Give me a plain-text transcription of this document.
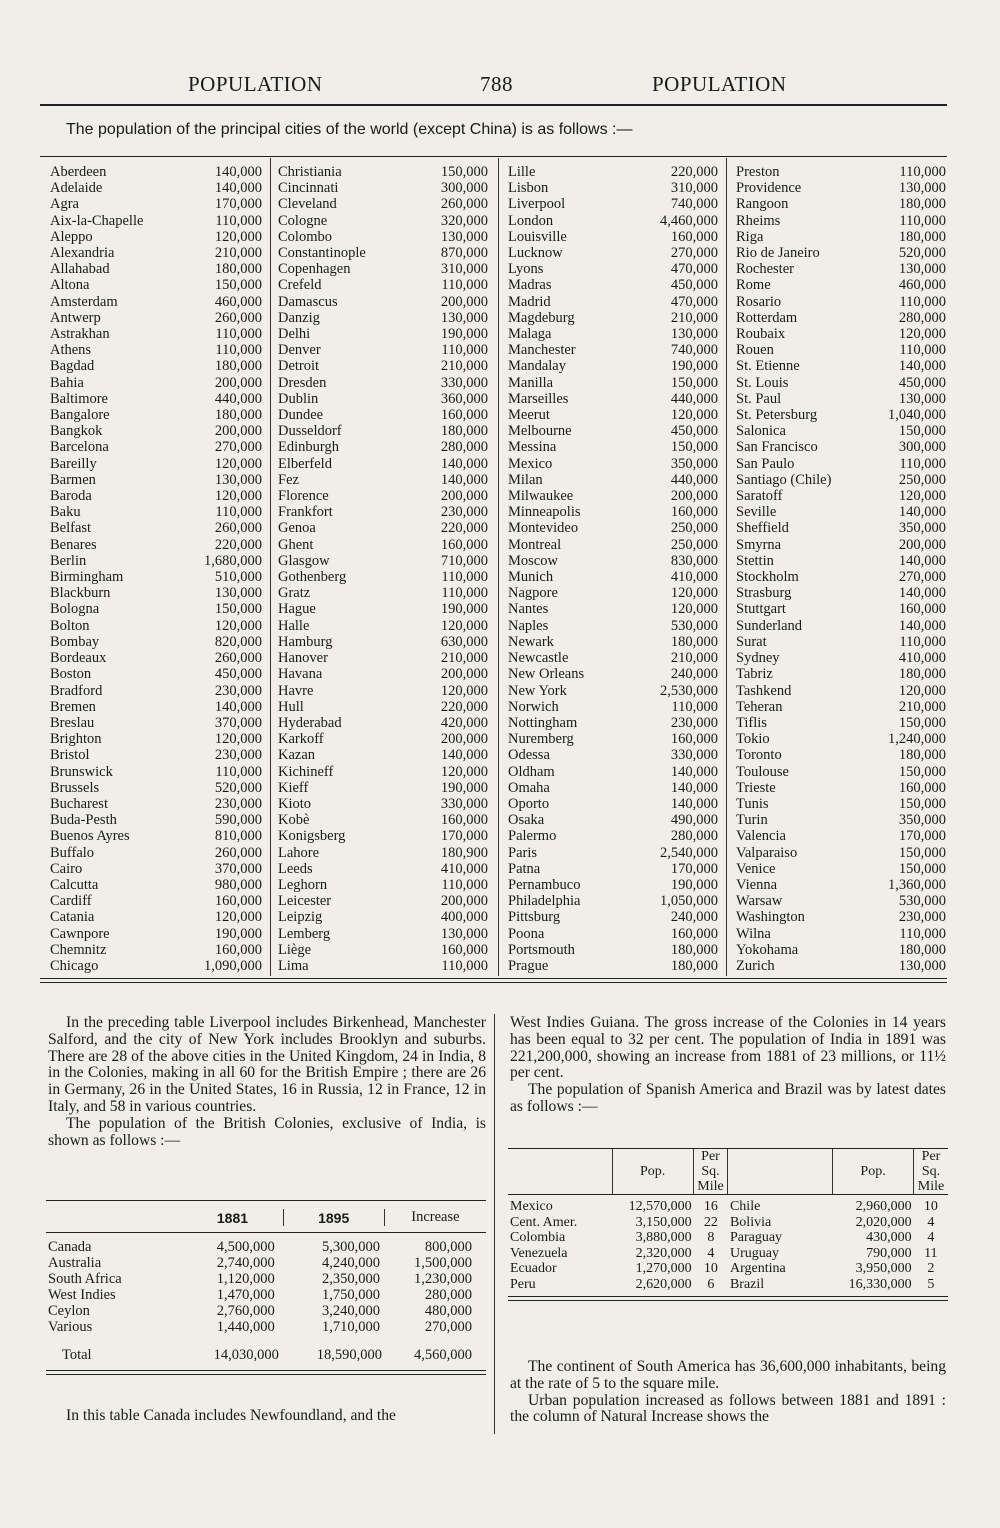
POPULATION	788	POPULATION
The population of the principal cities of the world (except China) is as follows :—
Aberdeen	140,000
Adelaide	140,000
Agra	170,000
Aix-la-Chapelle	110,000
Aleppo	120,000
Alexandria	210,000
Allahabad	180,000
Altona	150,000
Amsterdam	460,000
Antwerp	260,000
Astrakhan	110,000
Athens	110,000
Bagdad	180,000
Bahia	200,000
Baltimore	440,000
Bangalore	180,000
Bangkok	200,000
Barcelona	270,000
Bareilly	120,000
Barmen	130,000
Baroda	120,000
Baku	110,000
Belfast	260,000
Benares	220,000
Berlin	1,680,000
Birmingham	510,000
Blackburn	130,000
Bologna	150,000
Bolton	120,000
Bombay	820,000
Bordeaux	260,000
Boston	450,000
Bradford	230,000
Bremen	140,000
Breslau	370,000
Brighton	120,000
Bristol	230,000
Brunswick	110,000
Brussels	520,000
Bucharest	230,000
Buda-Pesth	590,000
Buenos Ayres	810,000
Buffalo	260,000
Cairo	370,000
Calcutta	980,000
Cardiff	160,000
Catania	120,000
Cawnpore	190,000
Chemnitz	160,000
Chicago	1,090,000
Christiania	150,000
Cincinnati	300,000
Cleveland	260,000
Cologne	320,000
Colombo	130,000
Constantinople	870,000
Copenhagen	310,000
Crefeld	110,000
Damascus	200,000
Danzig	130,000
Delhi	190,000
Denver	110,000
Detroit	210,000
Dresden	330,000
Dublin	360,000
Dundee	160,000
Dusseldorf	180,000
Edinburgh	280,000
Elberfeld	140,000
Fez	140,000
Florence	200,000
Frankfort	230,000
Genoa	220,000
Ghent	160,000
Glasgow	710,000
Gothenberg	110,000
Gratz	110,000
Hague	190,000
Halle	120,000
Hamburg	630,000
Hanover	210,000
Havana	200,000
Havre	120,000
Hull	220,000
Hyderabad	420,000
Karkoff	200,000
Kazan	140,000
Kichineff	120,000
Kieff	190,000
Kioto	330,000
Kobè	160,000
Konigsberg	170,000
Lahore	180,900
Leeds	410,000
Leghorn	110,000
Leicester	200,000
Leipzig	400,000
Lemberg	130,000
Liège	160,000
Lima	110,000
Lille	220,000
Lisbon	310,000
Liverpool	740,000
London	4,460,000
Louisville	160,000
Lucknow	270,000
Lyons	470,000
Madras	450,000
Madrid	470,000
Magdeburg	210,000
Malaga	130,000
Manchester	740,000
Mandalay	190,000
Manilla	150,000
Marseilles	440,000
Meerut	120,000
Melbourne	450,000
Messina	150,000
Mexico	350,000
Milan	440,000
Milwaukee	200,000
Minneapolis	160,000
Montevideo	250,000
Montreal	250,000
Moscow	830,000
Munich	410,000
Nagpore	120,000
Nantes	120,000
Naples	530,000
Newark	180,000
Newcastle	210,000
New Orleans	240,000
New York	2,530,000
Norwich	110,000
Nottingham	230,000
Nuremberg	160,000
Odessa	330,000
Oldham	140,000
Omaha	140,000
Oporto	140,000
Osaka	490,000
Palermo	280,000
Paris	2,540,000
Patna	170,000
Pernambuco	190,000
Philadelphia	1,050,000
Pittsburg	240,000
Poona	160,000
Portsmouth	180,000
Prague	180,000
Preston	110,000
Providence	130,000
Rangoon	180,000
Rheims	110,000
Riga	180,000
Rio de Janeiro	520,000
Rochester	130,000
Rome	460,000
Rosario	110,000
Rotterdam	280,000
Roubaix	120,000
Rouen	110,000
St. Etienne	140,000
St. Louis	450,000
St. Paul	130,000
St. Petersburg	1,040,000
Salonica	150,000
San Francisco	300,000
San Paulo	110,000
Santiago (Chile)	250,000
Saratoff	120,000
Seville	140,000
Sheffield	350,000
Smyrna	200,000
Stettin	140,000
Stockholm	270,000
Strasburg	140,000
Stuttgart	160,000
Sunderland	140,000
Surat	110,000
Sydney	410,000
Tabriz	180,000
Tashkend	120,000
Teheran	210,000
Tiflis	150,000
Tokio	1,240,000
Toronto	180,000
Toulouse	150,000
Trieste	160,000
Tunis	150,000
Turin	350,000
Valencia	170,000
Valparaiso	150,000
Venice	150,000
Vienna	1,360,000
Warsaw	530,000
Washington	230,000
Wilna	110,000
Yokohama	180,000
Zurich	130,000

In the preceding table Liverpool includes Birkenhead, Manchester Salford, and the city of New York includes Brooklyn and suburbs. There are 28 of the above cities in the United Kingdom, 24 in India, 8 in the Colonies, making in all 60 for the British Empire ; there are 26 in Germany, 26 in the United States, 16 in Russia, 12 in France, 12 in Italy, and 58 in various countries.

The population of the British Colonies, exclusive of India, is shown as follows :—

	1881	1895	Increase
Canada	4,500,000	5,300,000	800,000
Australia	2,740,000	4,240,000	1,500,000
South Africa	1,120,000	2,350,000	1,230,000
West Indies	1,470,000	1,750,000	280,000
Ceylon	2,760,000	3,240,000	480,000
Various	1,440,000	1,710,000	270,000
Total	14,030,000	18,590,000	4,560,000

In this table Canada includes Newfoundland, and the

West Indies Guiana. The gross increase of the Colonies in 14 years has been equal to 32 per cent. The population of India in 1891 was 221,200,000, showing an increase from 1881 of 23 millions, or 11½ per cent.

The population of Spanish America and Brazil was by latest dates as follows :—

	Pop.	Per
Sq.
Mile		Pop.	Per
Sq.
Mile
Mexico	12,570,000	16	Chile	2,960,000	10
Cent. Amer.	3,150,000	22	Bolivia	2,020,000	4
Colombia	3,880,000	8	Paraguay	430,000	4
Venezuela	2,320,000	4	Uruguay	790,000	11
Ecuador	1,270,000	10	Argentina	3,950,000	2
Peru	2,620,000	6	Brazil	16,330,000	5

The continent of South America has 36,600,000 inhabitants, being at the rate of 5 to the square mile.

Urban population increased as follows between 1881 and 1891 : the column of Natural Increase shows the
